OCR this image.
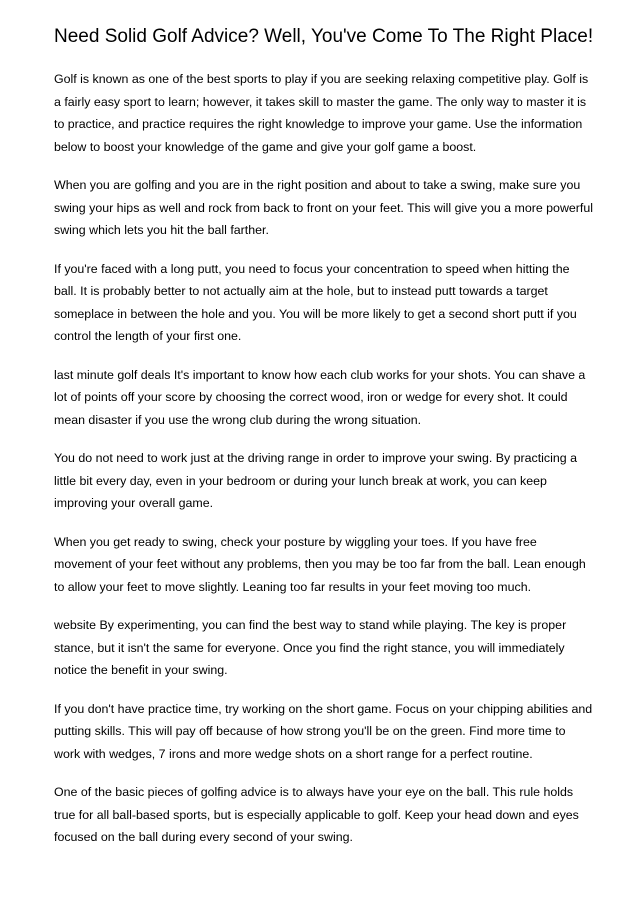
Need Solid Golf Advice? Well, You've Come To The Right Place!

Golf is known as one of the best sports to play if you are seeking relaxing competitive play. Golf is a fairly easy sport to learn; however, it takes skill to master the game. The only way to master it is to practice, and practice requires the right knowledge to improve your game. Use the information below to boost your knowledge of the game and give your golf game a boost.

When you are golfing and you are in the right position and about to take a swing, make sure you swing your hips as well and rock from back to front on your feet. This will give you a more powerful swing which lets you hit the ball farther.

If you're faced with a long putt, you need to focus your concentration to speed when hitting the ball. It is probably better to not actually aim at the hole, but to instead putt towards a target someplace in between the hole and you. You will be more likely to get a second short putt if you control the length of your first one.

last minute golf deals It's important to know how each club works for your shots. You can shave a lot of points off your score by choosing the correct wood, iron or wedge for every shot. It could mean disaster if you use the wrong club during the wrong situation.

You do not need to work just at the driving range in order to improve your swing. By practicing a little bit every day, even in your bedroom or during your lunch break at work, you can keep improving your overall game.

When you get ready to swing, check your posture by wiggling your toes. If you have free movement of your feet without any problems, then you may be too far from the ball. Lean enough to allow your feet to move slightly. Leaning too far results in your feet moving too much.

website By experimenting, you can find the best way to stand while playing. The key is proper stance, but it isn't the same for everyone. Once you find the right stance, you will immediately notice the benefit in your swing.

If you don't have practice time, try working on the short game. Focus on your chipping abilities and putting skills. This will pay off because of how strong you'll be on the green. Find more time to work with wedges, 7 irons and more wedge shots on a short range for a perfect routine.

One of the basic pieces of golfing advice is to always have your eye on the ball. This rule holds true for all ball-based sports, but is especially applicable to golf. Keep your head down and eyes focused on the ball during every second of your swing.
